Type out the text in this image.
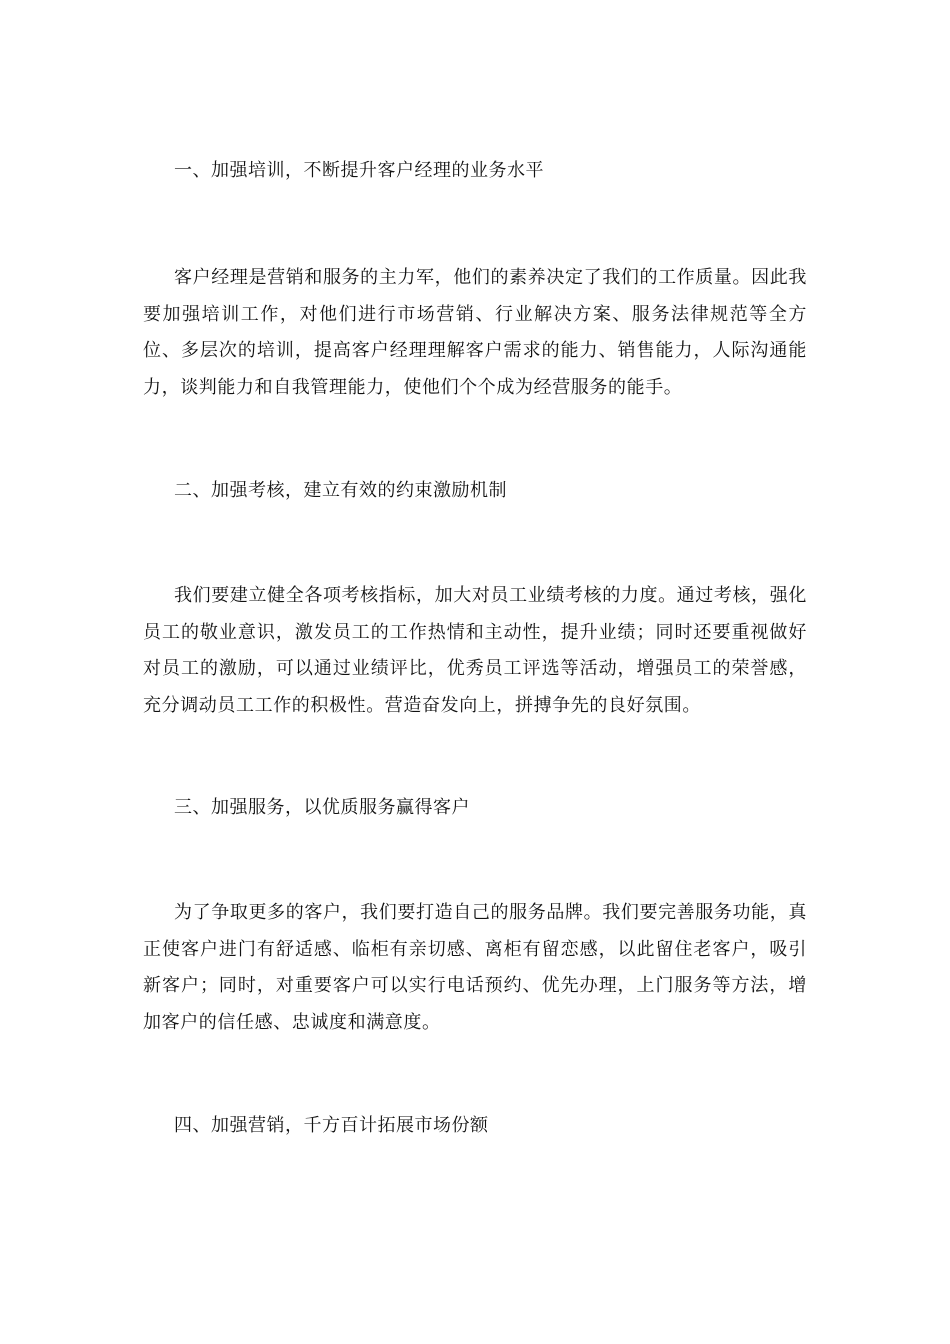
一、加强培训，不断提升客户经理的业务水平

客户经理是营销和服务的主力军，他们的素养决定了我们的工作质量。因此我要加强培训工作，对他们进行市场营销、行业解决方案、服务法律规范等全方位、多层次的培训，提高客户经理理解客户需求的能力、销售能力，人际沟通能力，谈判能力和自我管理能力，使他们个个成为经营服务的能手。

二、加强考核，建立有效的约束激励机制

我们要建立健全各项考核指标，加大对员工业绩考核的力度。通过考核，强化员工的敬业意识，激发员工的工作热情和主动性，提升业绩；同时还要重视做好对员工的激励，可以通过业绩评比，优秀员工评选等活动，增强员工的荣誉感，充分调动员工工作的积极性。营造奋发向上，拼搏争先的良好氛围。

三、加强服务，以优质服务赢得客户

为了争取更多的客户，我们要打造自己的服务品牌。我们要完善服务功能，真正使客户进门有舒适感、临柜有亲切感、离柜有留恋感，以此留住老客户，吸引新客户；同时，对重要客户可以实行电话预约、优先办理，上门服务等方法，增加客户的信任感、忠诚度和满意度。

四、加强营销，千方百计拓展市场份额
